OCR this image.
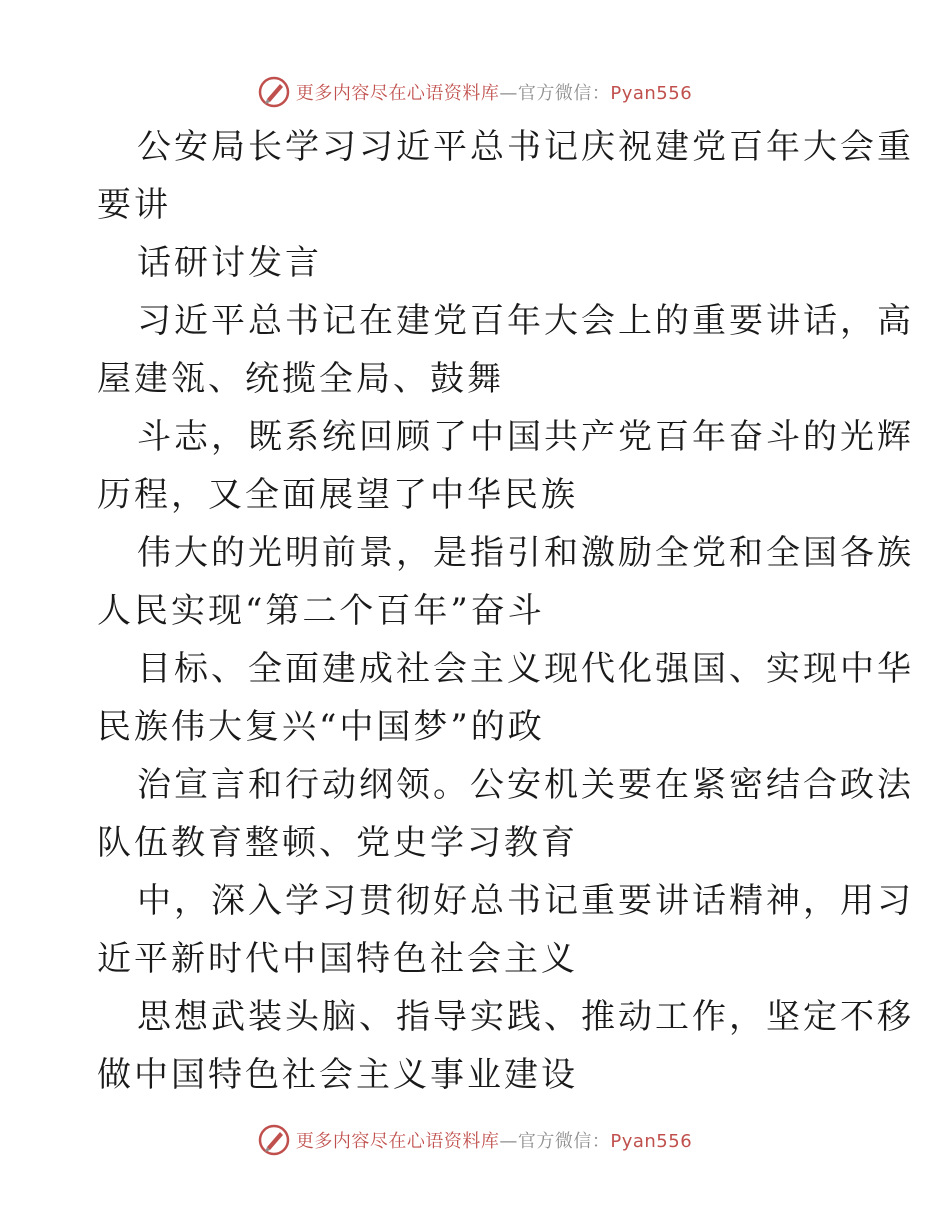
更多内容尽在心语资料库—官方微信：Pyan556

公安局长学习习近平总书记庆祝建党百年大会重
要讲

话研讨发言

习近平总书记在建党百年大会上的重要讲话，高
屋建瓴、统揽全局、鼓舞

斗志，既系统回顾了中国共产党百年奋斗的光辉
历程，又全面展望了中华民族

伟大的光明前景，是指引和激励全党和全国各族
人民实现“第二个百年”奋斗

目标、全面建成社会主义现代化强国、实现中华
民族伟大复兴“中国梦”的政

治宣言和行动纲领。公安机关要在紧密结合政法
队伍教育整顿、党史学习教育

中，深入学习贯彻好总书记重要讲话精神，用习
近平新时代中国特色社会主义

思想武装头脑、指导实践、推动工作，坚定不移
做中国特色社会主义事业建设

更多内容尽在心语资料库—官方微信：Pyan556
